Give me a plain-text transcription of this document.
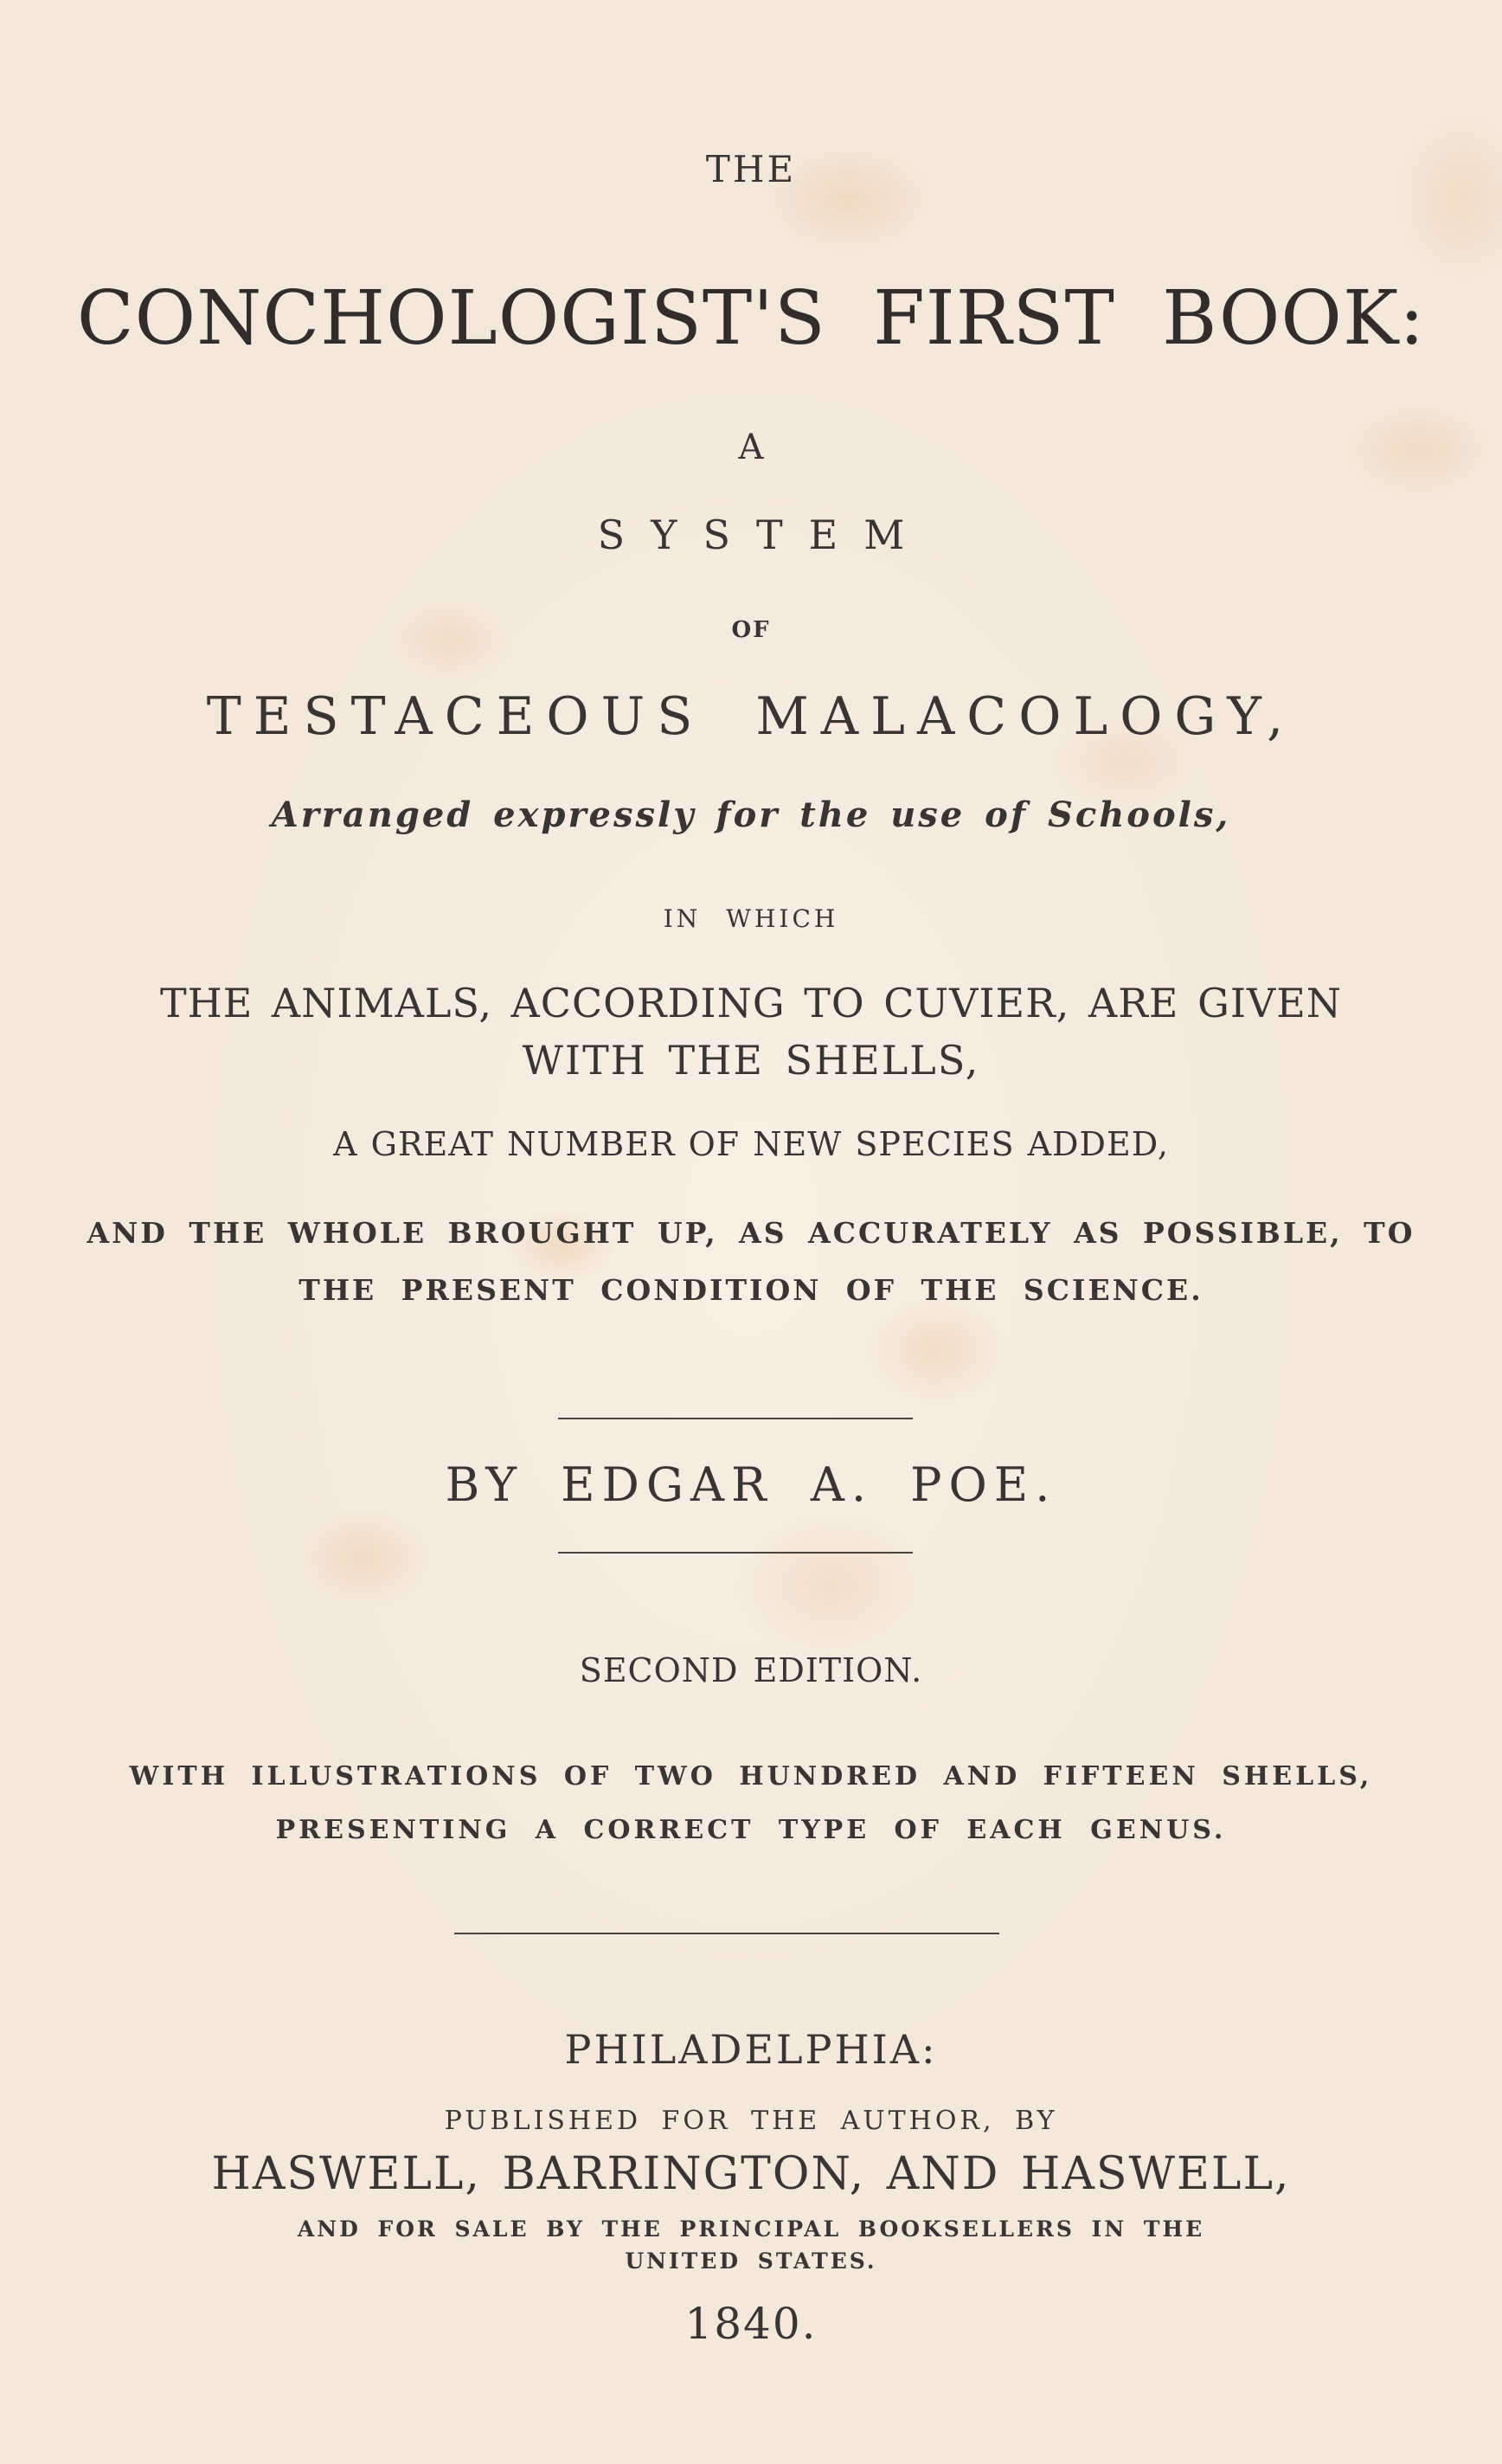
THE
CONCHOLOGIST'S FIRST BOOK:
A
SYSTEM
OF
TESTACEOUS MALACOLOGY,
Arranged expressly for the use of Schools,
IN WHICH
THE ANIMALS, ACCORDING TO CUVIER, ARE GIVEN
WITH THE SHELLS,
A GREAT NUMBER OF NEW SPECIES ADDED,
AND THE WHOLE BROUGHT UP, AS ACCURATELY AS POSSIBLE, TO
THE PRESENT CONDITION OF THE SCIENCE.
BY EDGAR A. POE.
SECOND EDITION.
WITH ILLUSTRATIONS OF TWO HUNDRED AND FIFTEEN SHELLS,
PRESENTING A CORRECT TYPE OF EACH GENUS.
PHILADELPHIA:
PUBLISHED FOR THE AUTHOR, BY
HASWELL, BARRINGTON, AND HASWELL,
AND FOR SALE BY THE PRINCIPAL BOOKSELLERS IN THE
UNITED STATES.
1840.
